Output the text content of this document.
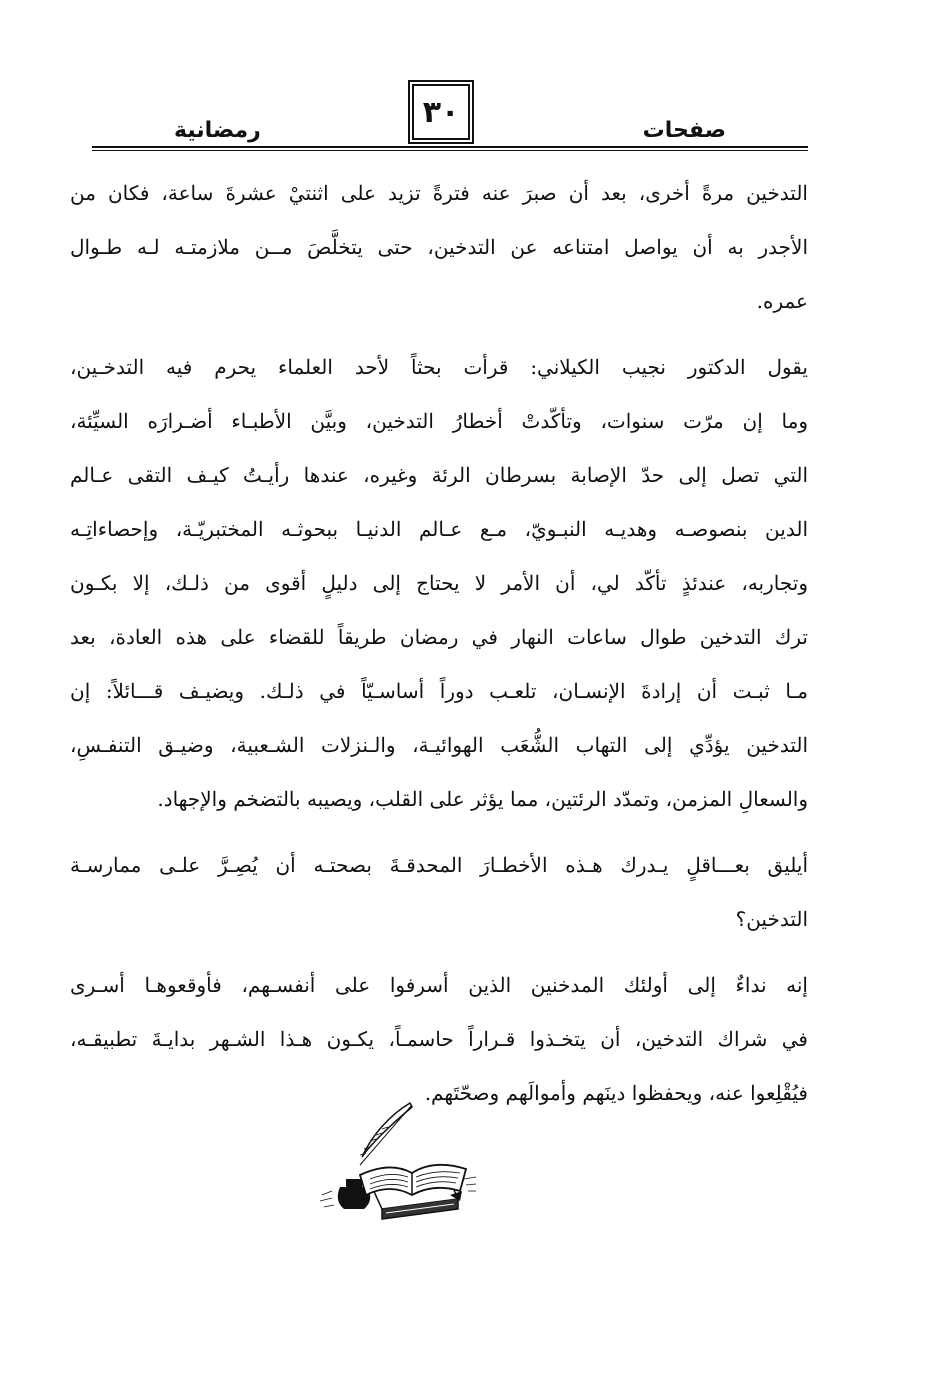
صفحات
٣٠
رمضانية
التدخين مرةً أخرى، بعد أن صبرَ عنه فترةً تزيد على اثنتيْ عشرةَ ساعة، فكان من
الأجدر به أن يواصل امتناعه عن التدخين، حتى يتخلَّصَ مــن ملازمتـه لـه طـوال
عمره.
يقول الدكتور نجيب الكيلاني: قرأت بحثاً لأحد العلماء يحرم فيه التدخـين،
وما إن مرّت سنوات، وتأكّدتْ أخطارُ التدخين، وبيَّن الأطبـاء أضـرارَه السيِّئة،
التي تصل إلى حدّ الإصابة بسرطان الرئة وغيره، عندها رأيـتُ كيـف التقى عـالم
الدين بنصوصـه وهديـه النبـويّ، مـع عـالم الدنيـا ببحوثـه المختبريّـة، وإحصاءاتِـه
وتجاربه، عندئذٍ تأكّد لي، أن الأمر لا يحتاج إلى دليلٍ أقوى من ذلـك، إلا بكـون
ترك التدخين طوال ساعات النهار في رمضان طريقاً للقضاء على هذه العادة، بعد
مـا ثبـت أن إرادةَ الإنسـان، تلعـب دوراً أساسـيّاً في ذلـك. ويضيـف قـــائلاً: إن
التدخين يؤدِّي إلى التهاب الشُّعَب الهوائيـة، والـنزلات الشـعبية، وضيـق التنفـسِ،
والسعالِ المزمن، وتمدّد الرئتين، مما يؤثر على القلب، ويصيبه بالتضخم والإجهاد.
أيليق بعـــاقلٍ يـدرك هـذه الأخطـارَ المحدقـةَ بصحتـه أن يُصِـرَّ علـى ممارسـة
التدخين؟
إنه نداءٌ إلى أولئك المدخنين الذين أسرفوا على أنفسـهم، فأوقعوهـا أسـرى
في شراك التدخين، أن يتخـذوا قـراراً حاسمـاً، يكـون هـذا الشـهر بدايـةَ تطبيقـه،
فيُقْلِعوا عنه، ويحفظوا دينَهم وأموالَهم وصحّتَهم.
